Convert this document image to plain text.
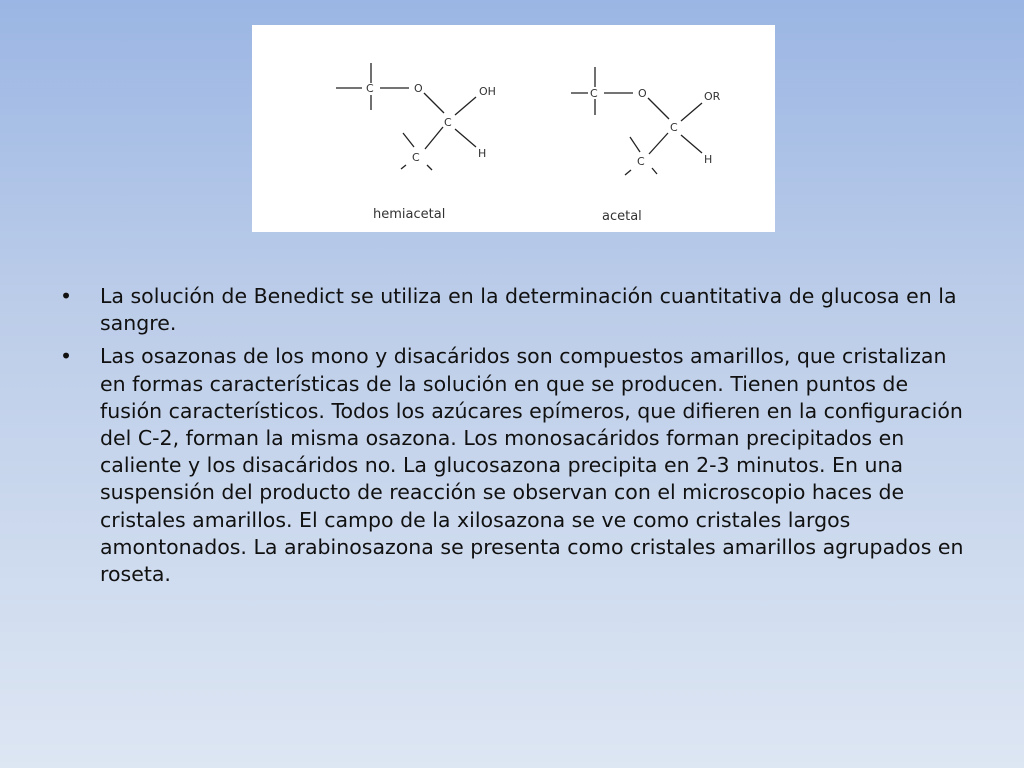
C	O
C
OH
H
C
hemiacetal
C	O
C
OR
H
C
acetal
•	La solución de Benedict se utiliza en la determinación cuantitativa de glucosa en la sangre.
•	Las osazonas de los mono y disacáridos son compuestos amarillos, que cristalizan en formas características de la solución en que se producen. Tienen puntos de fusión característicos. Todos los azúcares epímeros, que difieren en la configuración del C-2, forman la misma osazona. Los monosacáridos forman precipitados en caliente y los disacáridos no. La glucosazona precipita en 2-3 minutos. En una suspensión del producto de reacción se observan con el microscopio haces de cristales amarillos. El campo de la xilosazona se ve como cristales largos amontonados. La arabinosazona se presenta como cristales amarillos agrupados en roseta.
